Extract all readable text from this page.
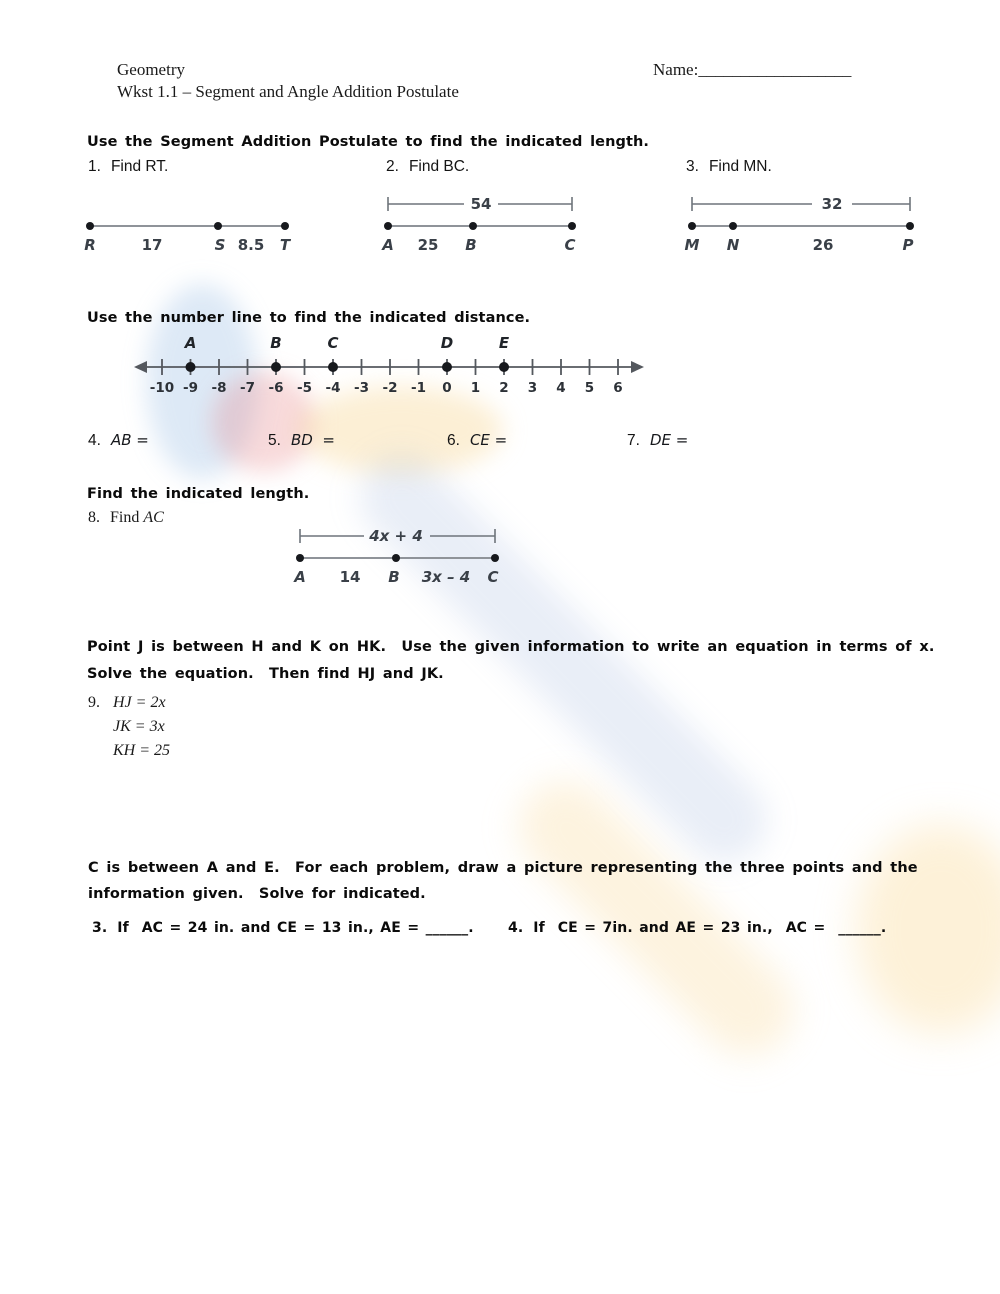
Geometry
Wkst 1.1 – Segment and Angle Addition Postulate
Name:__________________
Use the Segment Addition Postulate to find the indicated length.
1. Find RT.	2. Find BC.	3. Find MN.
R	17	S 8.5 T
54
A 25 B	C
32
M N	26	P
Use the number line to find the indicated distance.
-10 -9 -8 -7 -6 -5 -4 -3 -2 -1 0 1 2 3 4 5 6
A	B	C	D	E
4. AB =	5. BD  =	6. CE =	7. DE =
Find the indicated length.
8. Find AC
4x + 4
A 14 B 3x – 4 C
Point J is between H and K on HK.  Use the given information to write an equation in terms of x.
Solve the equation.  Then find HJ and JK.
9. HJ = 2x
JK = 3x
KH = 25
C is between A and E.  For each problem, draw a picture representing the three points and the
information given.  Solve for indicated.
3. If  AC = 24 in. and CE = 13 in., AE = ______. 4. If  CE = 7in. and AE = 23 in.,  AC =  ______.
